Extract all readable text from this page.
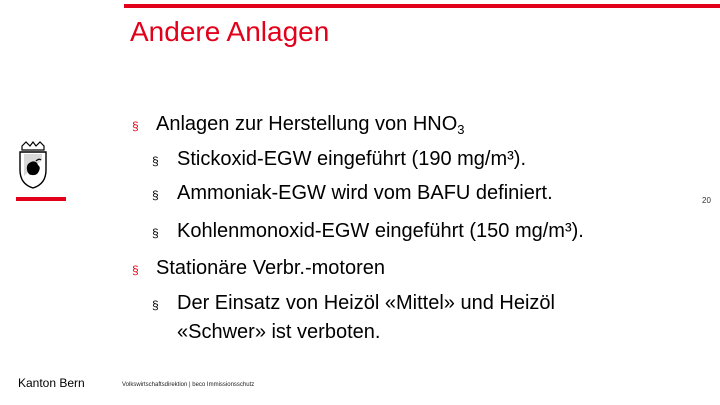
Andere Anlagen
20
§ Anlagen zur Herstellung von $HNO_3$
§ Stickoxid-EGW eingeführt (190 mg/m³).
§ Ammoniak-EGW wird vom BAFU definiert.
§ Kohlenmonoxid-EGW eingeführt (150 mg/m³).
§ Stationäre Verbr.-motoren
§ Der Einsatz von Heizöl «Mittel» und Heizöl
«Schwer» ist verboten.
Kanton Bern	Volkswirtschaftsdirektion | beco Immissionsschutz
